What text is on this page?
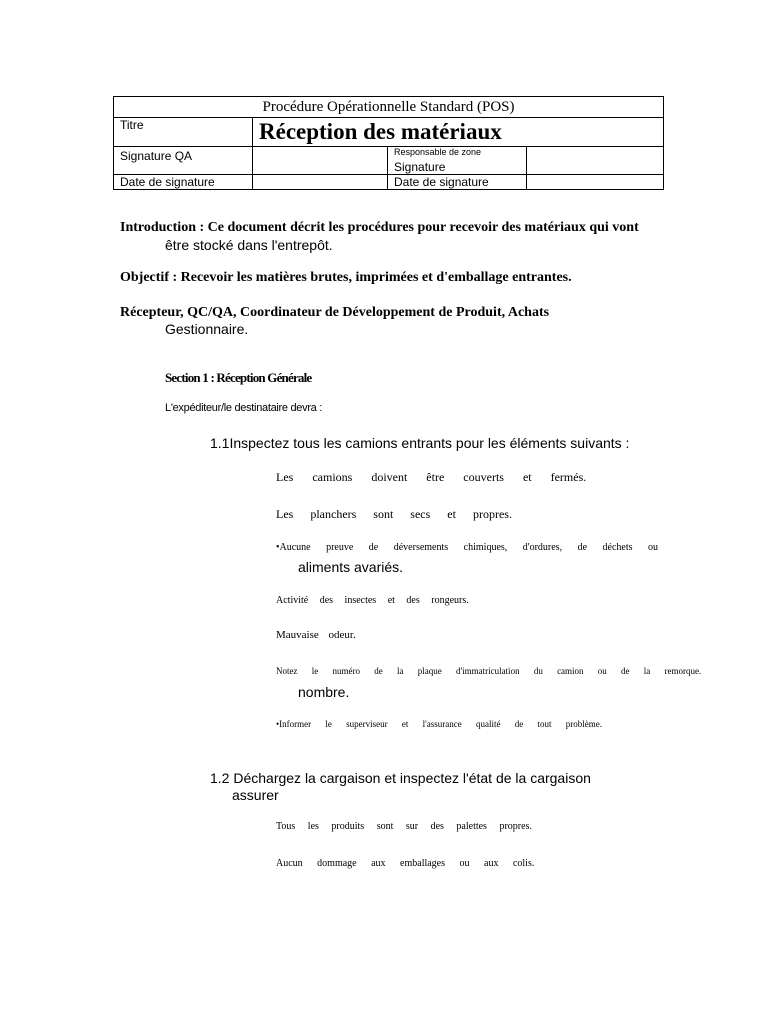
Procédure Opérationnelle Standard (POS)			
Titre	Réception des matériaux		
Signature QA		Responsable de zone
Signature	

Date de signature		Date de signature	
Introduction : Ce document décrit les procédures pour recevoir des matériaux qui vont
être stocké dans l'entrepôt.
Objectif : Recevoir les matières brutes, imprimées et d'emballage entrantes.
Récepteur, QC/QA, Coordinateur de Développement de Produit, Achats
Gestionnaire.
Section 1 : Réception Générale
L'expéditeur/le destinataire devra :
1.1Inspectez tous les camions entrants pour les éléments suivants :
Les camions doivent être couverts et fermés.
Les planchers sont secs et propres.
•Aucune preuve de déversements chimiques, d'ordures, de déchets ou
aliments avariés.
Activité des insectes et des rongeurs.
Mauvaise odeur.
Notez le numéro de la plaque d'immatriculation du camion ou de la remorque.
nombre.
•Informer le superviseur et l'assurance qualité de tout problème.
1.2 Déchargez la cargaison et inspectez l'état de la cargaison
assurer
Tous les produits sont sur des palettes propres.
Aucun dommage aux emballages ou aux colis.
